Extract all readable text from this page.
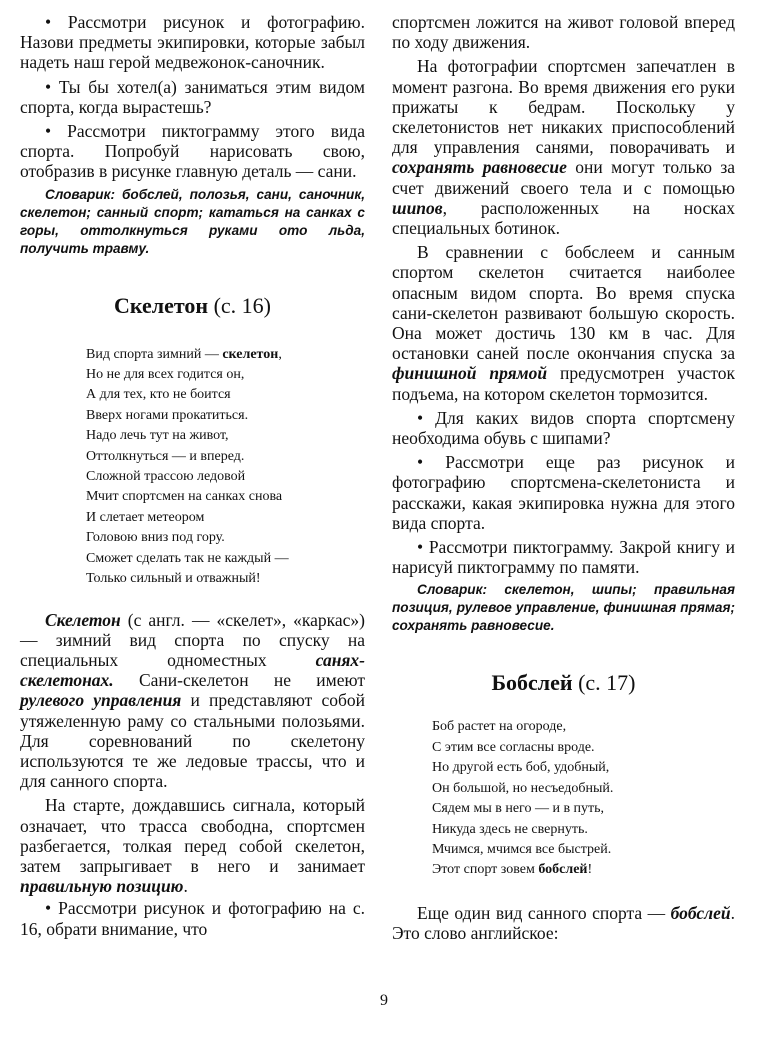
• Рассмотри рисунок и фотографию. Назови предметы экипировки, которые забыл надеть наш герой медвежонок-саночник.

• Ты бы хотел(а) заниматься этим видом спорта, когда вырастешь?

• Рассмотри пиктограмму этого вида спорта. Попробуй нарисовать свою, отобразив в рисунке главную деталь — сани.

Словарик: бобслей, полозья, сани, саночник, скелетон; санный спорт; кататься на санках с горы, оттолкнуться руками ото льда, получить травму.

Скелетон (с. 16)
Вид спорта зимний — скелетон,
Но не для всех годится он,
А для тех, кто не боится
Вверх ногами прокатиться.
Надо лечь тут на живот,
Оттолкнуться — и вперед.
Сложной трассою ледовой
Мчит спортсмен на санках снова
И слетает метеором
Головою вниз под гору.
Сможет сделать так не каждый —
Только сильный и отважный!

Скелетон (с англ. — «скелет», «каркас») — зимний вид спорта по спуску на специальных одноместных санях-скелетонах. Сани-скелетон не имеют рулевого управления и представляют собой утяжеленную раму со стальными полозьями. Для соревнований по скелетону используются те же ледовые трассы, что и для санного спорта.

На старте, дождавшись сигнала, который означает, что трасса свободна, спортсмен разбегается, толкая перед собой скелетон, затем запрыгивает в него и занимает правильную позицию.

• Рассмотри рисунок и фотографию на с. 16, обрати внимание, что

спортсмен ложится на живот головой вперед по ходу движения.

На фотографии спортсмен запечатлен в момент разгона. Во время движения его руки прижаты к бедрам. Поскольку у скелетонистов нет никаких приспособлений для управления санями, поворачивать и сохранять равновесие они могут только за счет движений своего тела и с помощью шипов, расположенных на носках специальных ботинок.

В сравнении с бобслеем и санным спортом скелетон считается наиболее опасным видом спорта. Во время спуска сани-скелетон развивают большую скорость. Она может достичь 130 км в час. Для остановки саней после окончания спуска за финишной прямой предусмотрен участок подъема, на котором скелетон тормозится.

• Для каких видов спорта спортсмену необходима обувь с шипами?

• Рассмотри еще раз рисунок и фотографию спортсмена-скелетониста и расскажи, какая экипировка нужна для этого вида спорта.

• Рассмотри пиктограмму. Закрой книгу и нарисуй пиктограмму по памяти.

Словарик: скелетон, шипы; правильная позиция, рулевое управление, финишная прямая; сохранять равновесие.

Бобслей (с. 17)
Боб растет на огороде,
С этим все согласны вроде.
Но другой есть боб, удобный,
Он большой, но несъедобный.
Сядем мы в него — и в путь,
Никуда здесь не свернуть.
Мчимся, мчимся все быстрей.
Этот спорт зовем бобслей!

Еще один вид санного спорта — бобслей. Это слово английское:

9
